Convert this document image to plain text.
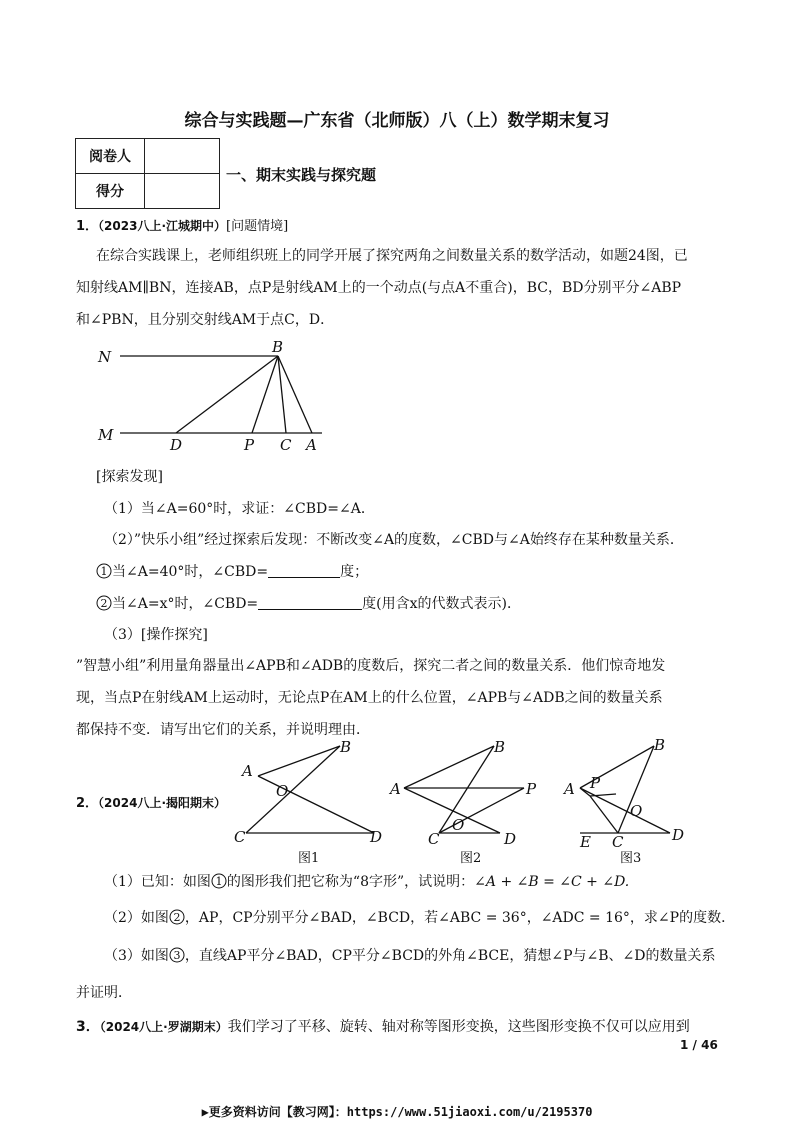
综合与实践题—广东省（北师版）八（上）数学期末复习
阅卷人	
得分	
一、期末实践与探究题
1．（2023八上·江城期中）[问题情境]
在综合实践课上，老师组织班上的同学开展了探究两角之间数量关系的数学活动，如题24图，已
知射线AM∥BN，连接AB，点P是射线AM上的一个动点(与点A不重合)，BC，BD分别平分∠ABP
和∠PBN，且分别交射线AM于点C，D．
N
B
M
D	P C A
[探索发现]
（1）当∠A=60°时，求证：∠CBD=∠A．
（2）”快乐小组”经过探索后发现：不断改变∠A的度数，∠CBD与∠A始终存在某种数量关系．
1 当∠A=40°时，∠CBD=	度；
2 当∠A=x°时，∠CBD=	度(用含x的代数式表示)．
（3）[操作探究]
”智慧小组”利用量角器量出∠APB和∠ADB的度数后，探究二者之间的数量关系．他们惊奇地发
现，当点P在射线AM上运动时，无论点P在AM上的什么位置，∠APB与∠ADB之间的数量关系
都保持不变．请写出它们的关系，并说明理由．
2．（2024八上·揭阳期末）
A
B
O
C	D
图1
A
B
P
O
C	D
图2
A P
B
O
E C	D
图3
（1）已知：如图 1 的图形我们把它称为“8字形”，试说明：∠A + ∠B = ∠C + ∠D.
（2）如图 2 ，AP，CP分别平分∠BAD，∠BCD，若∠ABC = 36°，∠ADC = 16°，求∠P的度数．
（3）如图 3 ，直线AP平分∠BAD，CP平分∠BCD的外角∠BCE，猜想∠P与∠B、∠D的数量关系
并证明．
3．（2024八上·罗湖期末）我们学习了平移、旋转、轴对称等图形变换，这些图形变换不仅可以应用到
1 / 46
▶更多资料访问【教习网】：https://www.51jiaoxi.com/u/2195370
